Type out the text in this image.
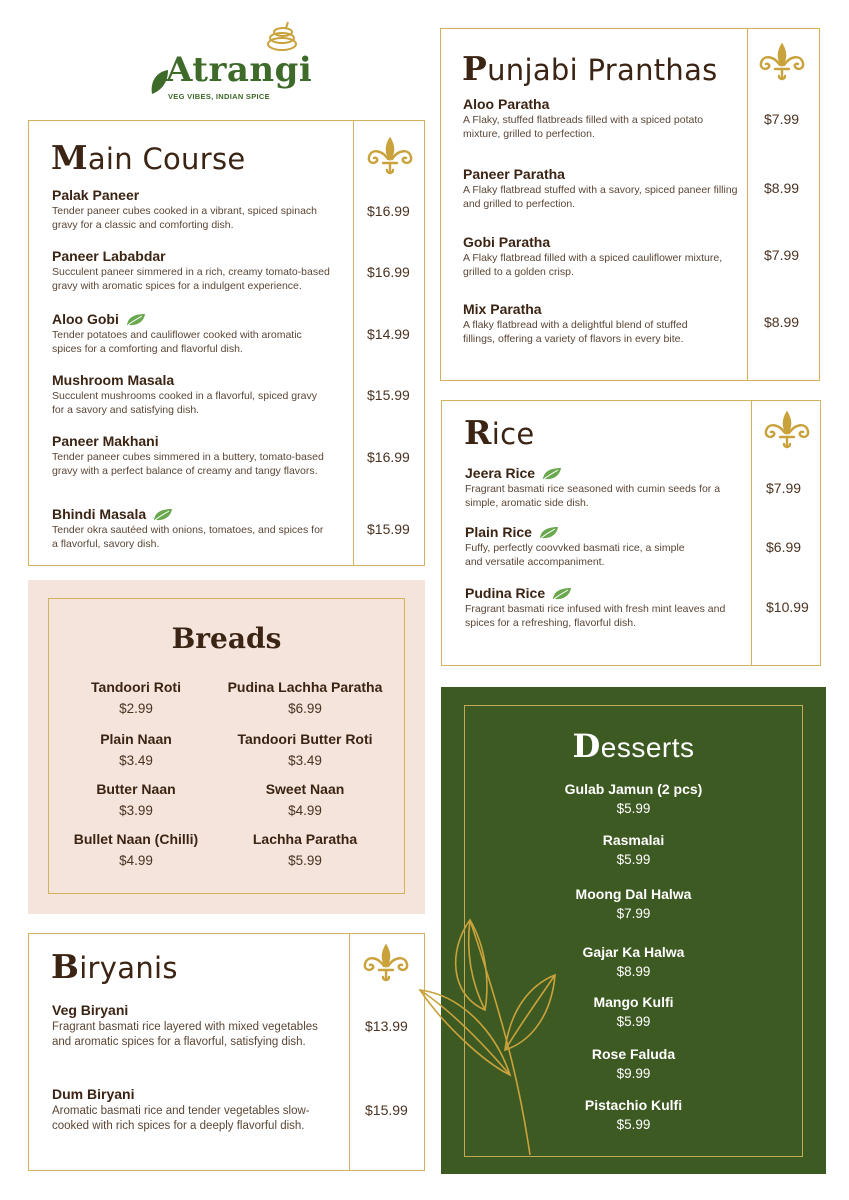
Atrangi
VEG VIBES, INDIAN SPICE
Main Course
Palak Paneer
Tender paneer cubes cooked in a vibrant, spiced spinach gravy for a classic and comforting dish.
$16.99
Paneer Lababdar
Succulent paneer simmered in a rich, creamy tomato-based gravy with aromatic spices for a indulgent experience.
$16.99
Aloo Gobi
Tender potatoes and cauliflower cooked with aromatic spices for a comforting and flavorful dish.
$14.99
Mushroom Masala
Succulent mushrooms cooked in a flavorful, spiced gravy for a savory and satisfying dish.
$15.99
Paneer Makhani
Tender paneer cubes simmered in a buttery, tomato-based gravy with a perfect balance of creamy and tangy flavors.
$16.99
Bhindi Masala
Tender okra sautéed with onions, tomatoes, and spices for a flavorful, savory dish.
$15.99
Punjabi Pranthas
Aloo Paratha
A Flaky, stuffed flatbreads filled with a spiced potato mixture, grilled to perfection.
$7.99
Paneer Paratha
A Flaky flatbread stuffed with a savory, spiced paneer filling and grilled to perfection.
$8.99
Gobi Paratha
A Flaky flatbread filled with a spiced cauliflower mixture, grilled to a golden crisp.
$7.99
Mix Paratha
A flaky flatbread with a delightful blend of stuffed fillings, offering a variety of flavors in every bite.
$8.99
Rice
Jeera Rice
Fragrant basmati rice seasoned with cumin seeds for a simple, aromatic side dish.
$7.99
Plain Rice
Fuffy, perfectly coovvked basmati rice, a simple and versatile accompaniment.
$6.99
Pudina Rice
Fragrant basmati rice infused with fresh mint leaves and spices for a refreshing, flavorful dish.
$10.99
Breads
Tandoori Roti
$2.99
Pudina Lachha Paratha
$6.99
Plain Naan
$3.49
Tandoori Butter Roti
$3.49
Butter Naan
$3.99
Sweet Naan
$4.99
Bullet Naan (Chilli)
$4.99
Lachha Paratha
$5.99
Biryanis
Veg Biryani
Fragrant basmati rice layered with mixed vegetables and aromatic spices for a flavorful, satisfying dish.
$13.99
Dum Biryani
Aromatic basmati rice and tender vegetables slow-cooked with rich spices for a deeply flavorful dish.
$15.99
Desserts
Gulab Jamun (2 pcs)
$5.99
Rasmalai
$5.99
Moong Dal Halwa
$7.99
Gajar Ka Halwa
$8.99
Mango Kulfi
$5.99
Rose Faluda
$9.99
Pistachio Kulfi
$5.99
